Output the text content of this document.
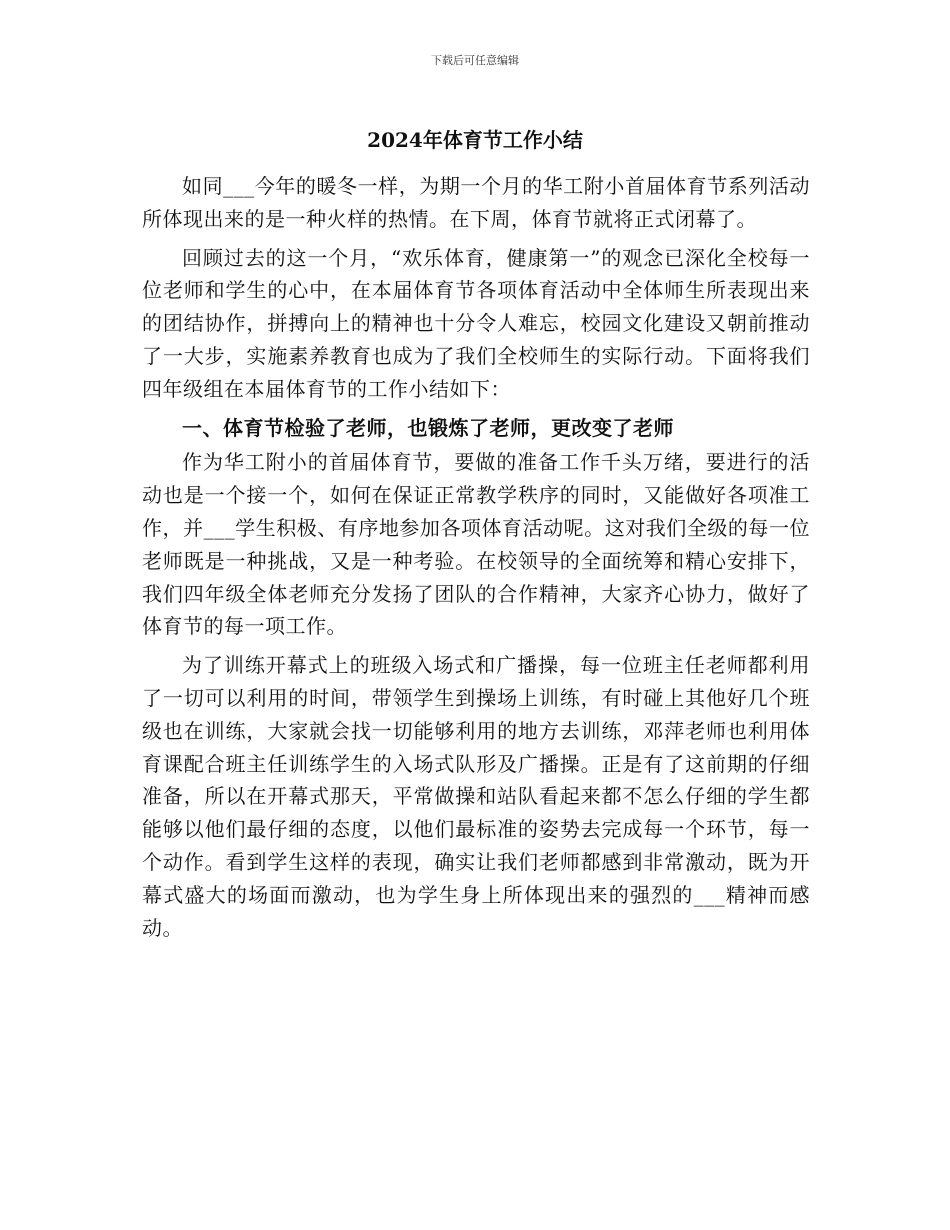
下载后可任意编辑
2024年体育节工作小结

如同___今年的暖冬一样，为期一个月的华工附小首届体育节系列活动所体现出来的是一种火样的热情。在下周，体育节就将正式闭幕了。

回顾过去的这一个月，“欢乐体育，健康第一”的观念已深化全校每一位老师和学生的心中，在本届体育节各项体育活动中全体师生所表现出来的团结协作，拼搏向上的精神也十分令人难忘，校园文化建设又朝前推动了一大步，实施素养教育也成为了我们全校师生的实际行动。下面将我们四年级组在本届体育节的工作小结如下：

一、体育节检验了老师，也锻炼了老师，更改变了老师

作为华工附小的首届体育节，要做的准备工作千头万绪，要进行的活动也是一个接一个，如何在保证正常教学秩序的同时，又能做好各项准工作，并___学生积极、有序地参加各项体育活动呢。这对我们全级的每一位老师既是一种挑战，又是一种考验。在校领导的全面统筹和精心安排下，我们四年级全体老师充分发扬了团队的合作精神，大家齐心协力，做好了体育节的每一项工作。

为了训练开幕式上的班级入场式和广播操，每一位班主任老师都利用了一切可以利用的时间，带领学生到操场上训练，有时碰上其他好几个班级也在训练，大家就会找一切能够利用的地方去训练，邓萍老师也利用体育课配合班主任训练学生的入场式队形及广播操。正是有了这前期的仔细准备，所以在开幕式那天，平常做操和站队看起来都不怎么仔细的学生都能够以他们最仔细的态度，以他们最标准的姿势去完成每一个环节，每一个动作。看到学生这样的表现，确实让我们老师都感到非常激动，既为开幕式盛大的场面而激动，也为学生身上所体现出来的强烈的___精神而感动。
